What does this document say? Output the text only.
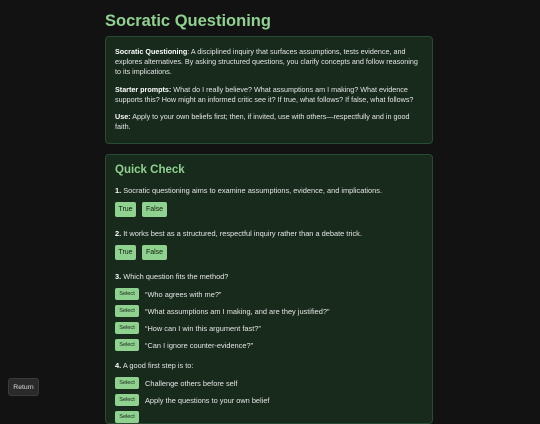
Socratic Questioning

Socratic Questioning: A disciplined inquiry that surfaces assumptions, tests evidence, and explores alternatives. By asking structured questions, you clarify concepts and follow reasoning to its implications.

Starter prompts: What do I really believe? What assumptions am I making? What evidence supports this? How might an informed critic see it? If true, what follows? If false, what follows?

Use: Apply to your own beliefs first; then, if invited, use with others—respectfully and in good faith.

Quick Check
1. Socratic questioning aims to examine assumptions, evidence, and implications.
True	False
2. It works best as a structured, respectful inquiry rather than a debate trick.
True	False
3. Which question fits the method?
Select	“Who agrees with me?”
Select	“What assumptions am I making, and are they justified?”
Select	“How can I win this argument fast?”
Select	“Can I ignore counter-evidence?”
4. A good first step is to:
Select	Challenge others before self
Select	Apply the questions to your own belief
Select
Return
